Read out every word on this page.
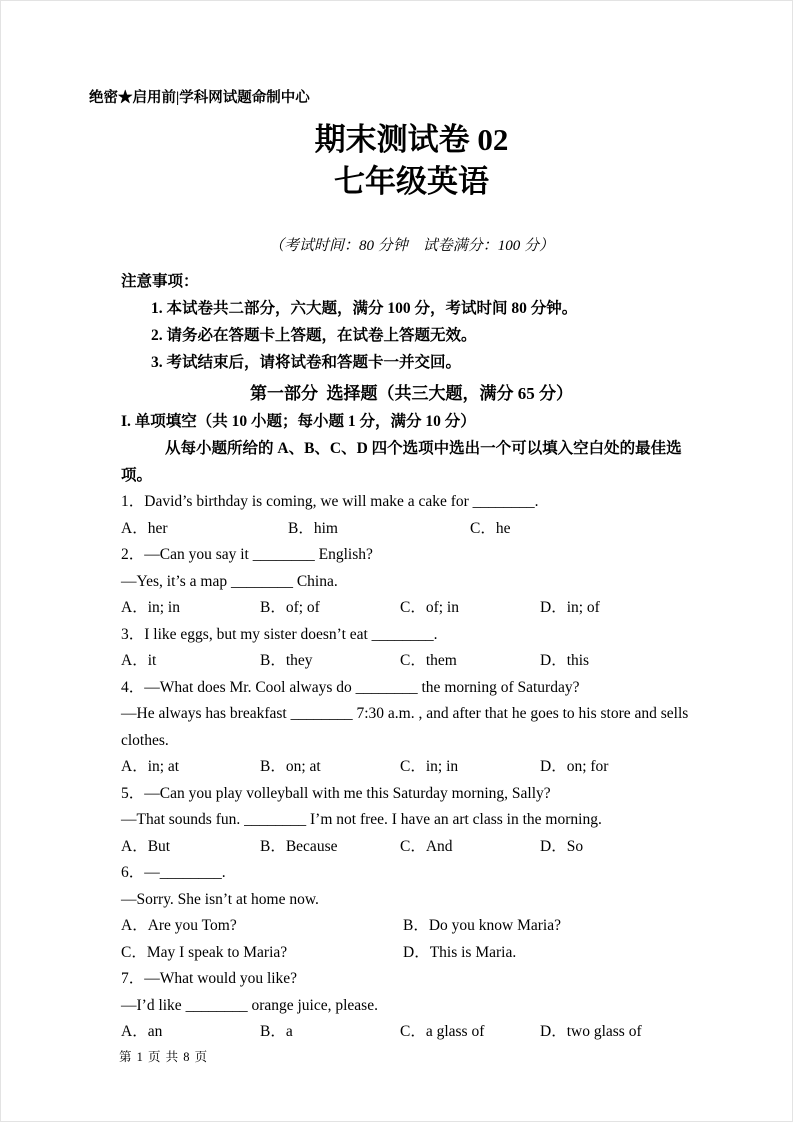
绝密★启用前|学科网试题命制中心
期末测试卷 02
七年级英语
（考试时间：80 分钟　试卷满分：100 分）
注意事项：
1. 本试卷共二部分，六大题，满分 100 分，考试时间 80 分钟。
2. 请务必在答题卡上答题，在试卷上答题无效。
3. 考试结束后，请将试卷和答题卡一并交回。
第一部分  选择题（共三大题，满分 65 分）
I. 单项填空（共 10 小题；每小题 1 分，满分 10 分）
从每小题所给的 A、B、C、D 四个选项中选出一个可以填入空白处的最佳选项。

1．David’s birthday is coming, we will make a cake for ________.

A．her	B．him	C．he

2．—Can you say it ________ English?

—Yes, it’s a map ________ China.

A．in; in	B．of; of	C．of; in	D．in; of

3．I like eggs, but my sister doesn’t eat ________.

A．it	B．they	C．them	D．this

4．—What does Mr. Cool always do ________ the morning of Saturday?

—He always has breakfast ________ 7:30 a.m. , and after that he goes to his store and sells

clothes.

A．in; at	B．on; at	C．in; in	D．on; for

5．—Can you play volleyball with me this Saturday morning, Sally?

—That sounds fun. ________ I’m not free. I have an art class in the morning.

A．But	B．Because	C．And	D．So

6．—________.

—Sorry. She isn’t at home now.

A．Are you Tom?	B．Do you know Maria?
C．May I speak to Maria?	D．This is Maria.

7．—What would you like?

—I’d like ________ orange juice, please.

A．an	B．a	C．a glass of	D．two glass of
第 1 页 共 8 页
